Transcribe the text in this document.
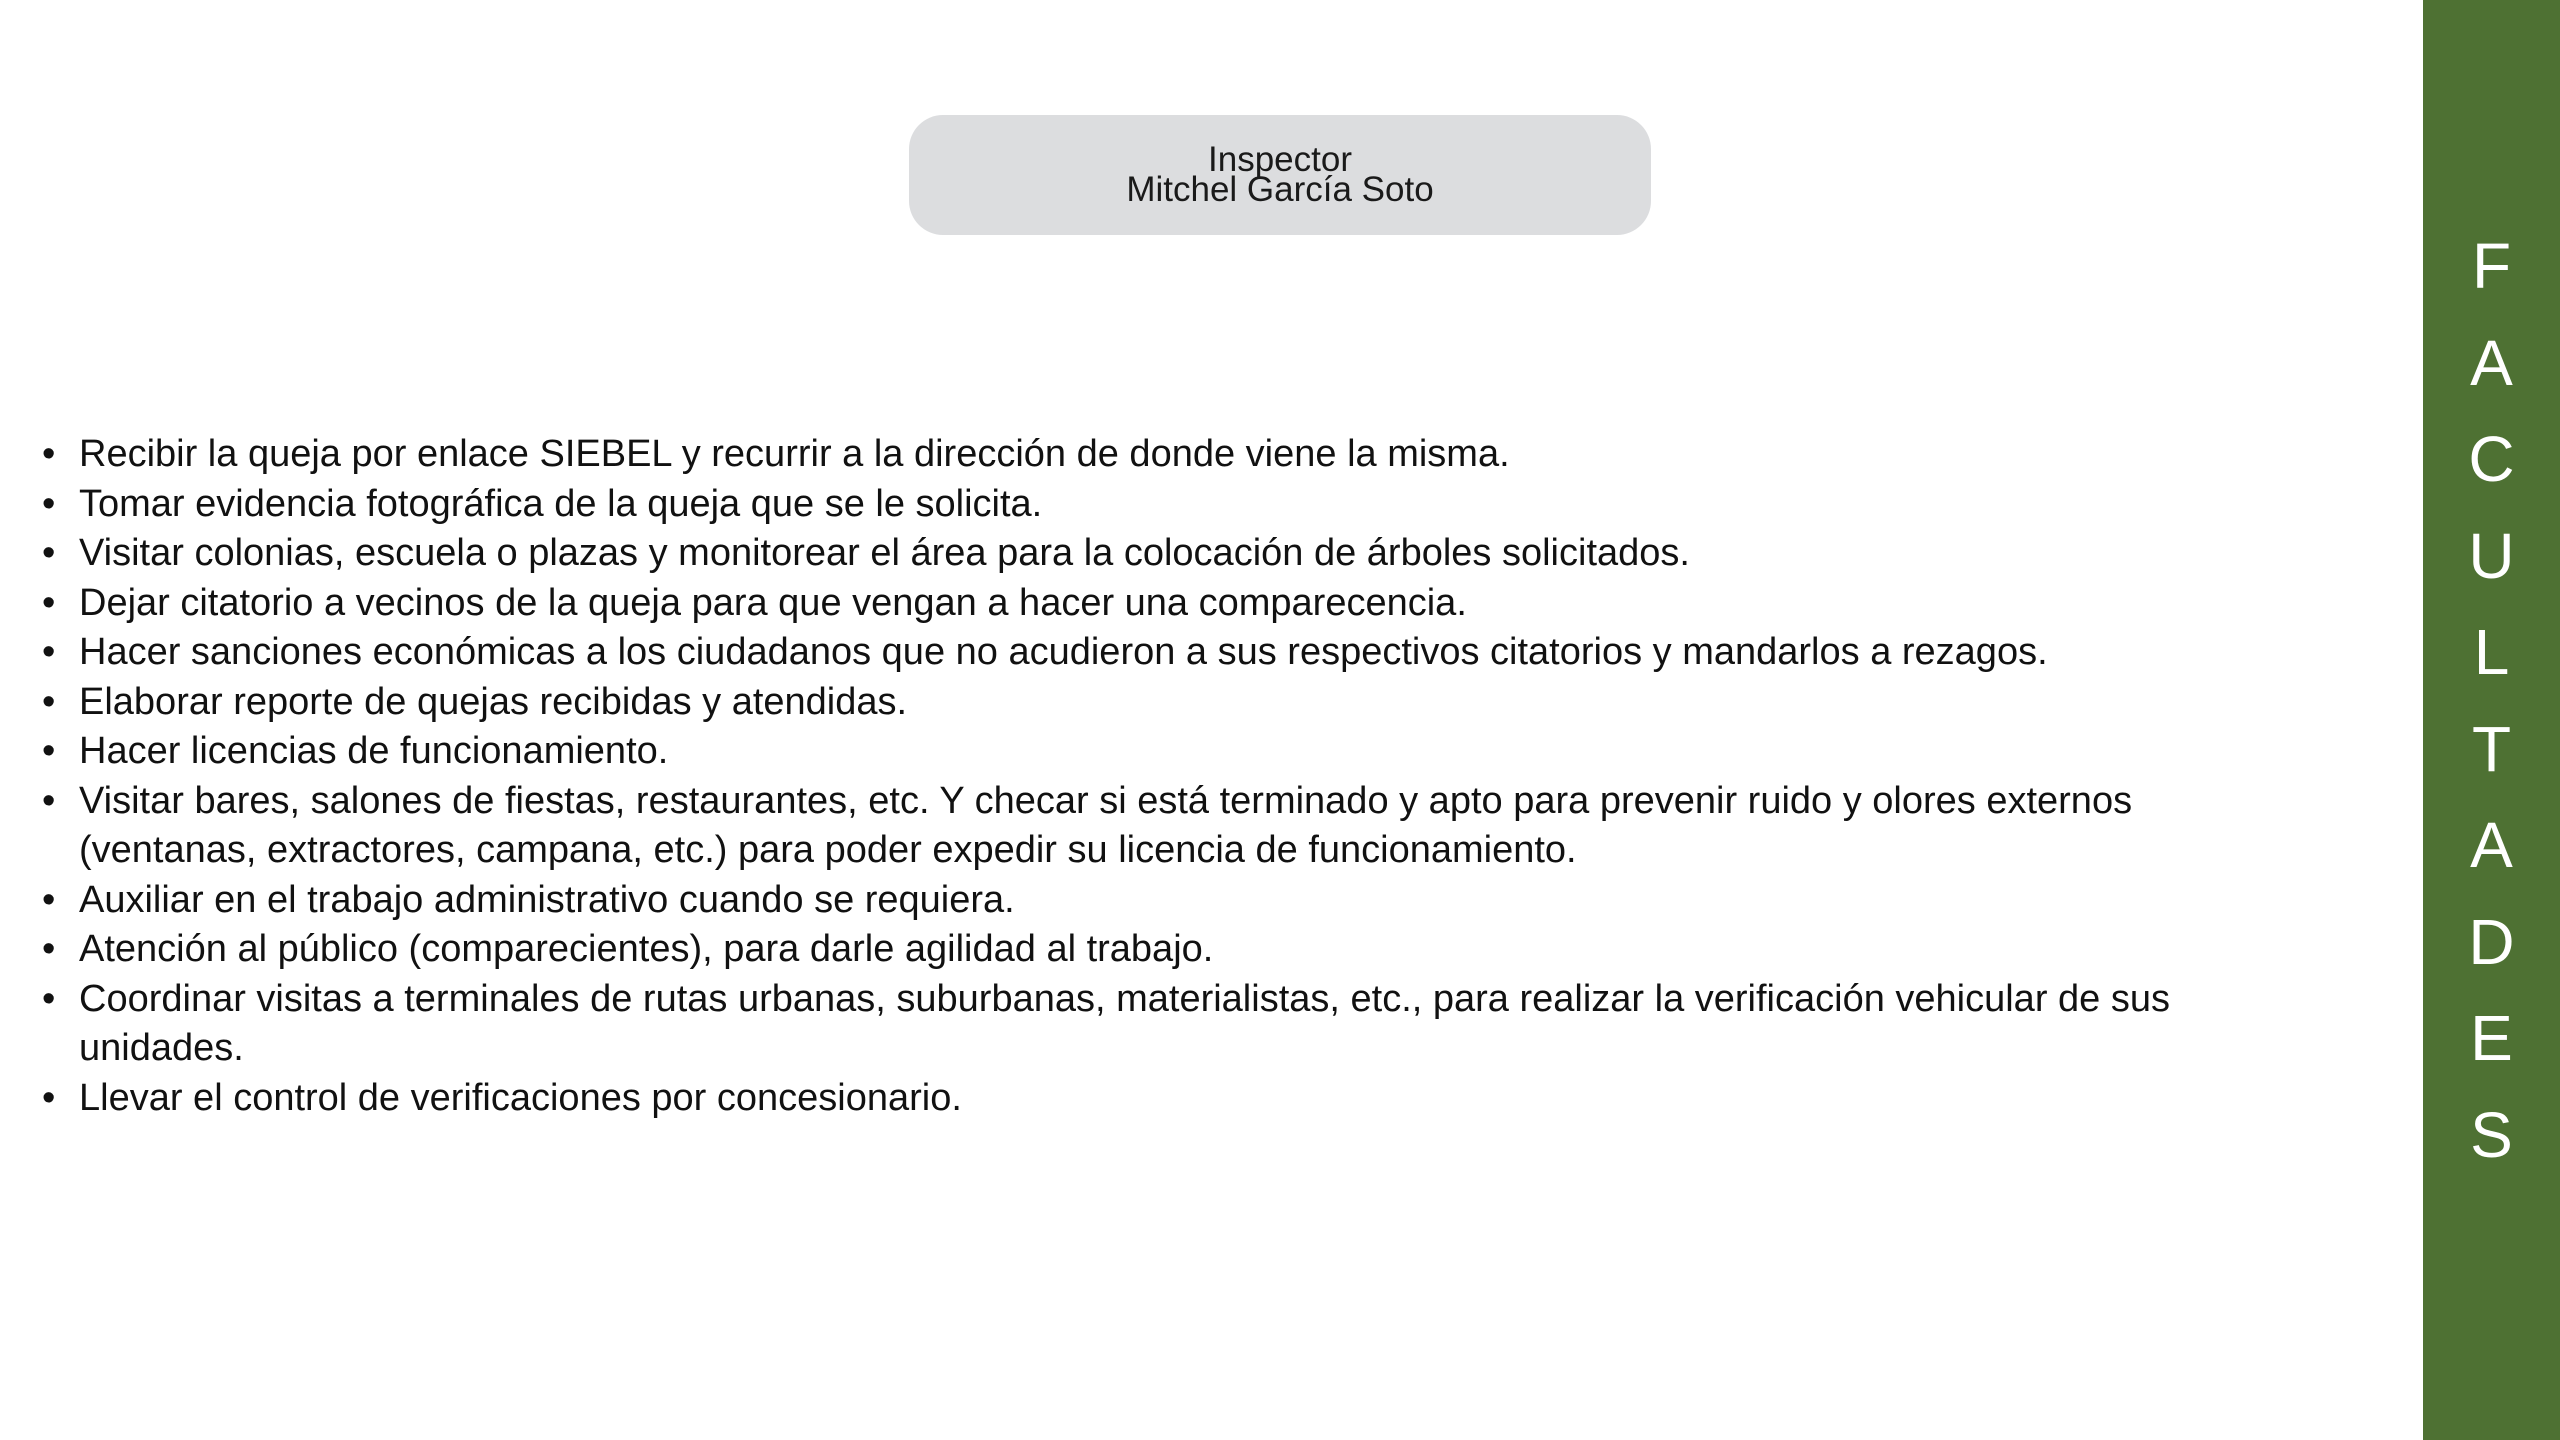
Inspector
Mitchel García Soto
• Recibir la queja por enlace SIEBEL y recurrir a la dirección de donde viene la misma.
• Tomar evidencia fotográfica de la queja que se le solicita.
• Visitar colonias, escuela o plazas y monitorear el área para la colocación de árboles solicitados.
• Dejar citatorio a vecinos de la queja para que vengan a hacer una comparecencia.
• Hacer sanciones económicas a los ciudadanos que no acudieron a sus respectivos citatorios y mandarlos a rezagos.
• Elaborar reporte de quejas recibidas y atendidas.
• Hacer licencias de funcionamiento.
• Visitar bares, salones de fiestas, restaurantes, etc. Y checar si está terminado y apto para prevenir ruido y olores externos (ventanas, extractores, campana, etc.) para poder expedir su licencia de funcionamiento.
• Auxiliar en el trabajo administrativo cuando se requiera.
• Atención al público (comparecientes), para darle agilidad al trabajo.
• Coordinar visitas a terminales de rutas urbanas, suburbanas, materialistas, etc., para realizar la verificación vehicular de sus unidades.
• Llevar el control de verificaciones por concesionario.
F
A
C
U
L
T
A
D
E
S
